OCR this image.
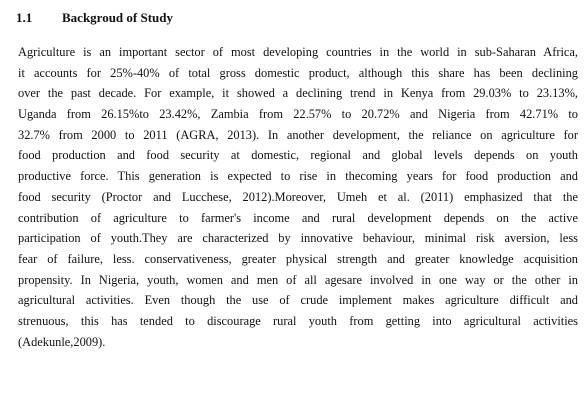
1.1 Backgroud of Study
Agriculture is an important sector of most developing countries in the world in sub-Saharan Africa,
it accounts for 25%-40% of total gross domestic product, although this share has been declining
over the past decade. For example, it showed a declining trend in Kenya from 29.03% to 23.13%,
Uganda from 26.15%to 23.42%, Zambia from 22.57% to 20.72% and Nigeria from 42.71% to
32.7% from 2000 to 2011 (AGRA, 2013). In another development, the reliance on agriculture for
food production and food security at domestic, regional and global levels depends on youth
productive force. This generation is expected to rise in thecoming years for food production and
food security (Proctor and Lucchese, 2012).Moreover, Umeh et al. (2011) emphasized that the
contribution of agriculture to farmer's income and rural development depends on the active
participation of youth.They are characterized by innovative behaviour, minimal risk aversion, less
fear of failure, less. conservativeness, greater physical strength and greater knowledge acquisition
propensity. In Nigeria, youth, women and men of all agesare involved in one way or the other in
agricultural activities. Even though the use of crude implement makes agriculture difficult and
strenuous, this has tended to discourage rural youth from getting into agricultural activities
(Adekunle,2009).
